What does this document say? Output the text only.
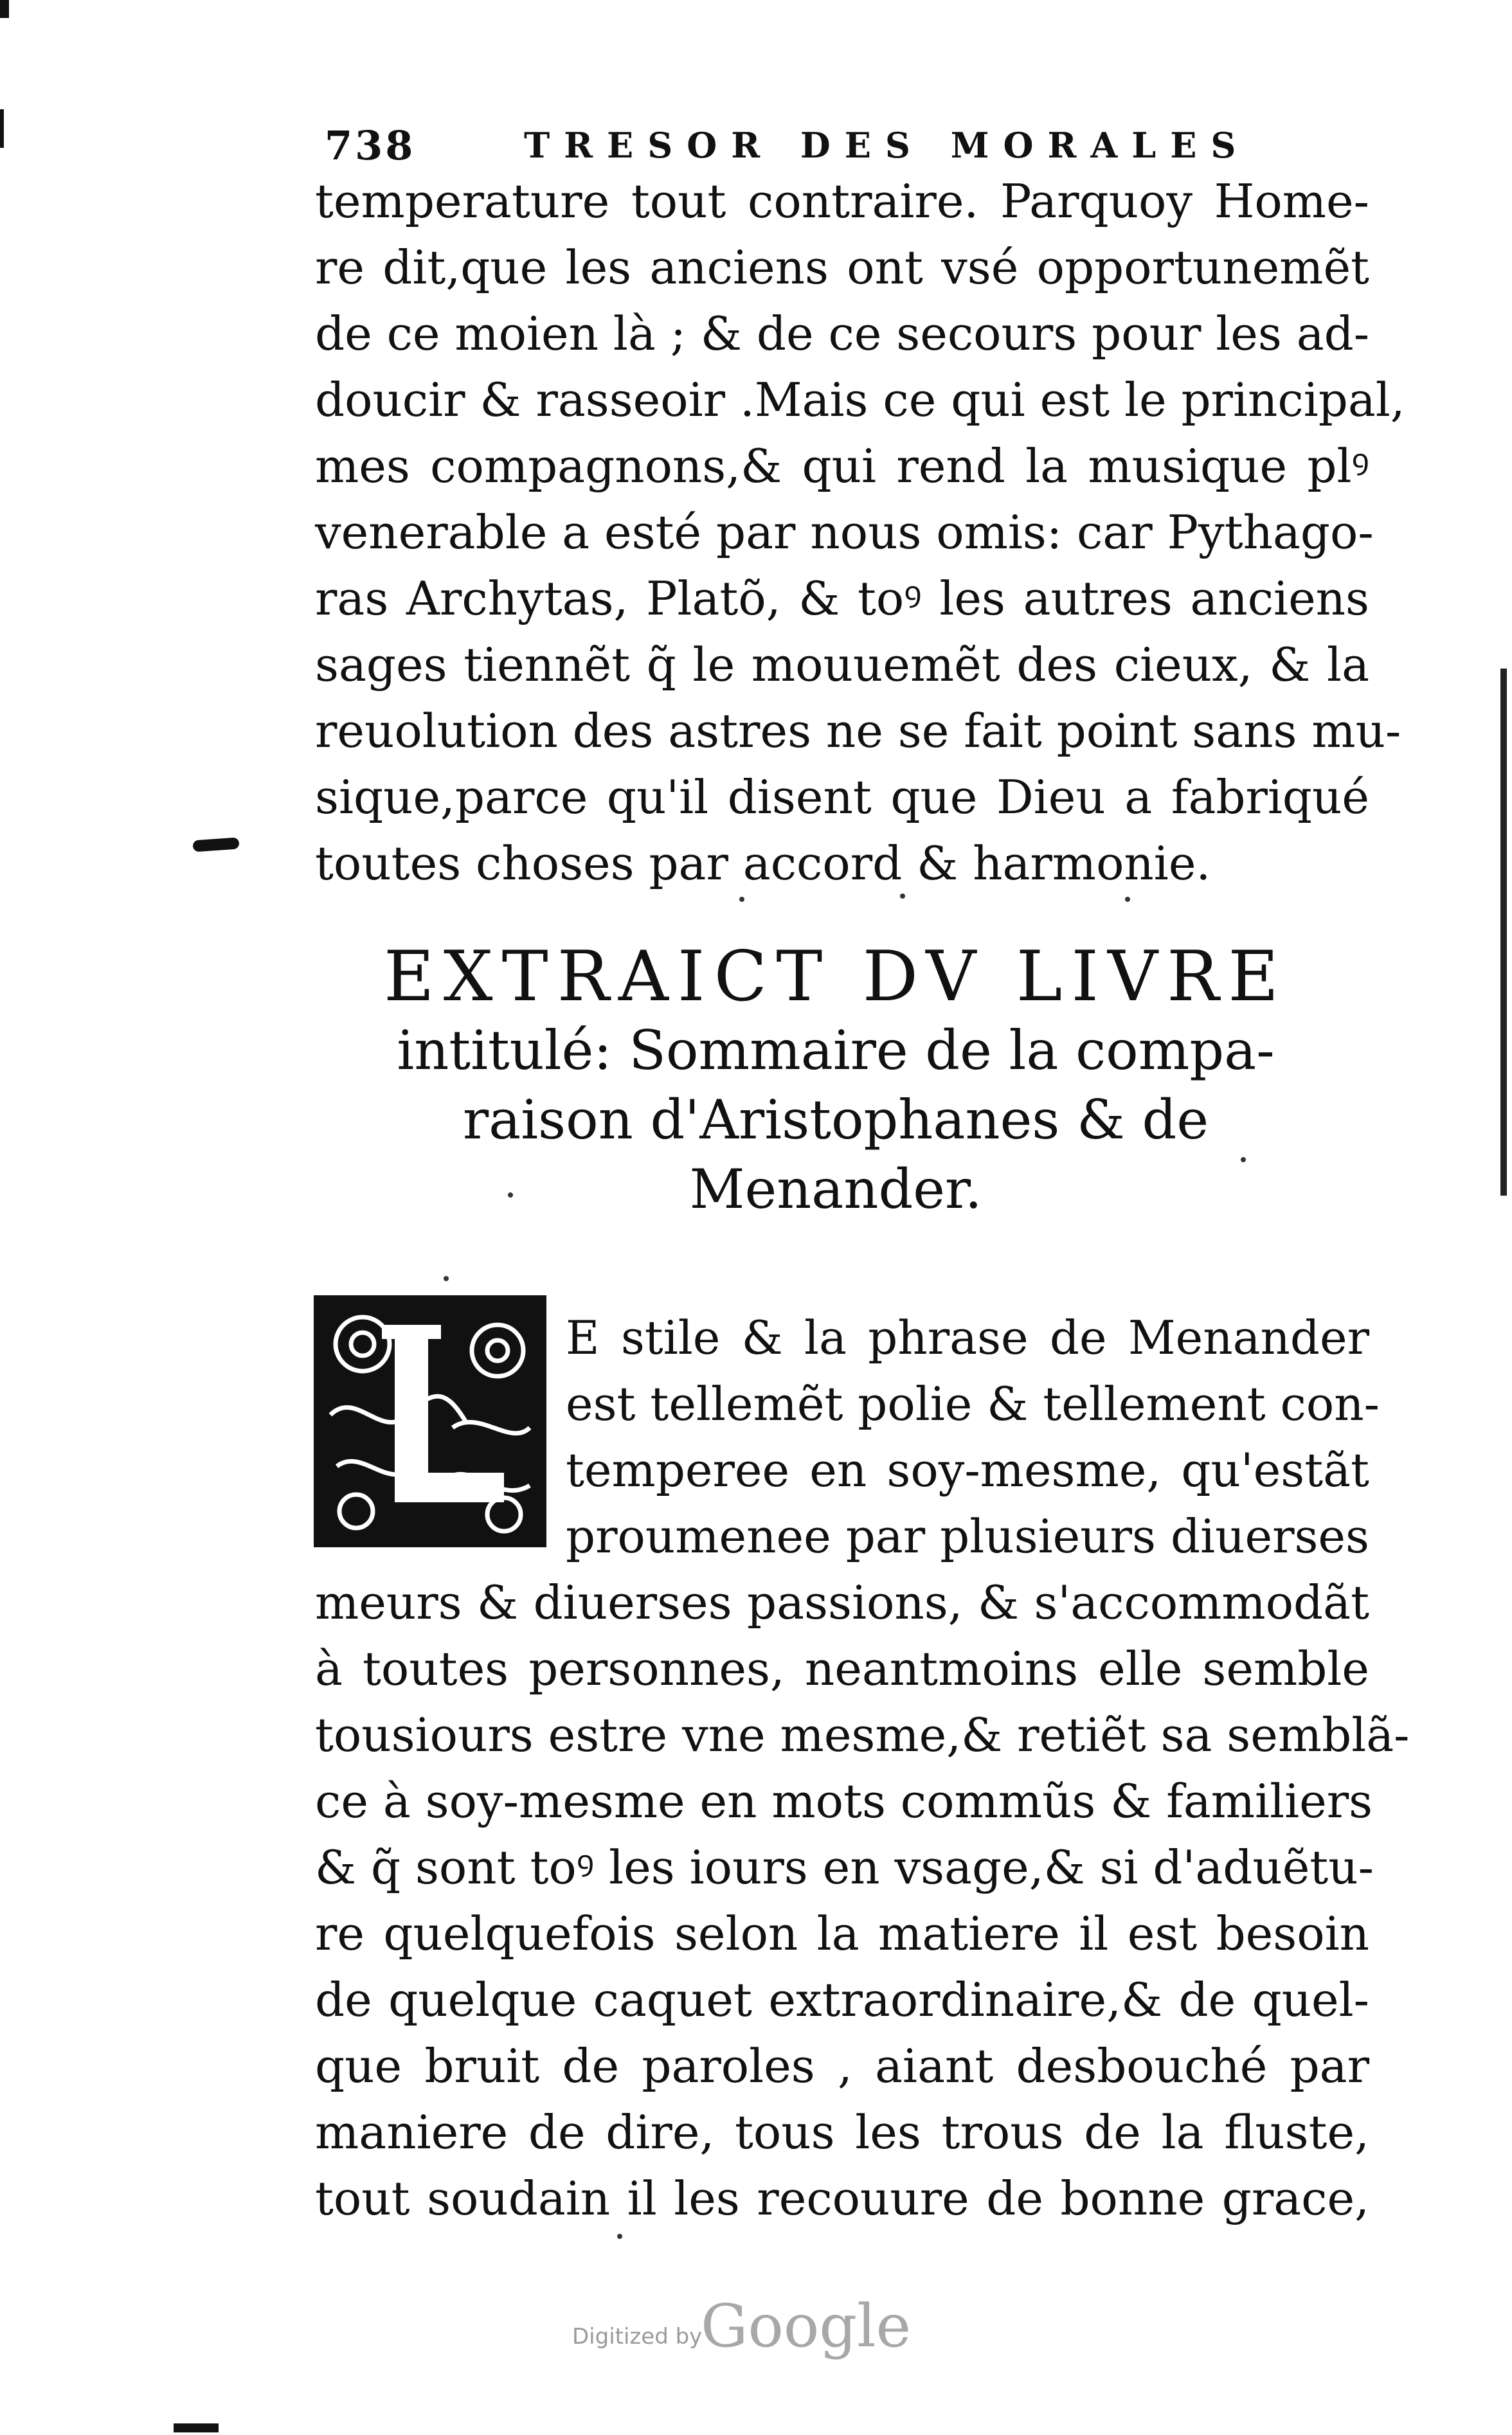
738	TRESOR DES MORALES
temperature tout contraire. Parquoy Home-
re dit,que les anciens ont vsé opportunemẽt
de ce moien là ; & de ce secours pour les ad-
doucir & rasseoir .Mais ce qui est le principal,
mes compagnons,& qui rend la musique plꝰ
venerable a esté par nous omis: car Pythago-
ras Archytas, Platõ, & toꝰ les autres anciens
sages tiennẽt q̃ le mouuemẽt des cieux, & la
reuolution des astres ne se fait point sans mu-
sique,parce qu'il disent que Dieu a fabriqué
toutes choses par accord & harmonie.
EXTRAICT DV LIVRE
intitulé: Sommaire de la compa-
raison d'Aristophanes & de
Menander.
E stile & la phrase de Menander
est tellemẽt polie & tellement con-
temperee en soy-mesme, qu'estãt
proumenee par plusieurs diuerses
meurs & diuerses passions, & s'accommodãt
à toutes personnes, neantmoins elle semble
tousiours estre vne mesme,& retiẽt sa semblã-
ce à soy-mesme en mots commũs & familiers
& q̃ sont toꝰ les iours en vsage,& si d'aduẽtu-
re quelquefois selon la matiere il est besoin
de quelque caquet extraordinaire,& de quel-
que bruit de paroles , aiant desbouché par
maniere de dire, tous les trous de la fluste,
tout soudain il les recouure de bonne grace,
Digitized by
Google
